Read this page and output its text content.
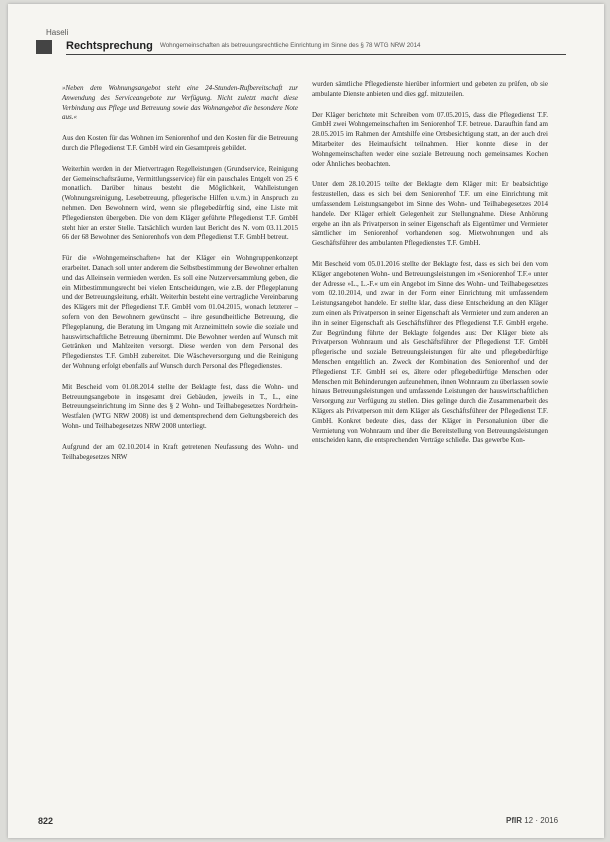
Haseli
Rechtsprechung Wohngemeinschaften als betreuungsrechtliche Einrichtung im Sinne des § 78 WTG NRW 2014

»Neben dem Wohnungsangebot steht eine 24-Stunden-Rufbereitschaft zur Anwendung des Serviceangebote zur Verfügung. Nicht zuletzt macht diese Verbindung aus Pflege und Betreuung sowie das Wohnangebot die besondere Note aus.«

Aus den Kosten für das Wohnen im Seniorenhof und den Kosten für die Betreuung durch die Pflegedienst T.F. GmbH wird ein Gesamtpreis gebildet.

Weiterhin werden in der Mietvertragen Regelleistungen (Grundservice, Reinigung der Gemeinschaftsräume, Vermittlungsservice) für ein pauschales Entgelt von 25 € monatlich. Darüber hinaus besteht die Möglichkeit, Wahlleistungen (Wohnungsreinigung, Lesebetreuung, pflegerische Hilfen u.v.m.) in Anspruch zu nehmen. Den Bewohnern wird, wenn sie pflegebedürftig sind, eine Liste mit Pflegediensten übergeben. Die von dem Kläger geführte Pflegedienst T.F. GmbH steht hier an erster Stelle. Tatsächlich wurden laut Bericht des N. vom 03.11.2015 66 der 68 Bewohner des Seniorenhofs von dem Pflegedienst T.F. GmbH betreut.

Für die »Wohngemeinschaften« hat der Kläger ein Wohngruppenkonzept erarbeitet. Danach soll unter anderem die Selbstbestimmung der Bewohner erhalten und das Alleinsein vermieden werden. Es soll eine Nutzerversammlung geben, die ein Mitbestimmungsrecht bei vielen Entscheidungen, wie z.B. der Pflegeplanung und der Betreuungsleitung, erhält. Weiterhin besteht eine vertragliche Vereinbarung des Klägers mit der Pflegedienst T.F. GmbH vom 01.04.2015, wonach letzterer – sofern von den Bewohnern gewünscht – ihre gesundheitliche Betreuung, die Pflegeplanung, die Beratung im Umgang mit Arzneimitteln sowie die soziale und hauswirtschaftliche Betreuung übernimmt. Die Bewohner werden auf Wunsch mit Getränken und Mahlzeiten versorgt. Diese werden von dem Personal des Pflegedienstes T.F. GmbH zubereitet. Die Wäscheversorgung und die Reinigung der Wohnung erfolgt ebenfalls auf Wunsch durch Personal des Pflegedienstes.

Mit Bescheid vom 01.08.2014 stellte der Beklagte fest, dass die Wohn- und Betreuungsangebote in insgesamt drei Gebäuden, jeweils in T., L., eine Betreuungseinrichtung im Sinne des § 2 Wohn- und Teilhabegesetzes Nordrhein-Westfalen (WTG NRW 2008) ist und dementsprechend dem Geltungsbereich des Wohn- und Teilhabegesetzes NRW 2008 unterliegt.

Aufgrund der am 02.10.2014 in Kraft getretenen Neufassung des Wohn- und Teilhabegesetzes NRW

wurden sämtliche Pflegedienste hierüber informiert und gebeten zu prüfen, ob sie ambulante Dienste anbieten und dies ggf. mitzuteilen.

Der Kläger berichtete mit Schreiben vom 07.05.2015, dass die Pflegedienst T.F. GmbH zwei Wohngemeinschaften im Seniorenhof T.F. betreue. Daraufhin fand am 28.05.2015 im Rahmen der Amtshilfe eine Ortsbesichtigung statt, an der auch drei Mitarbeiter des Heimaufsicht teilnahmen. Hier konnte diese in der Wohngemeinschaften weder eine soziale Betreuung noch gemeinsames Kochen oder Ähnliches beobachten.

Unter dem 28.10.2015 teilte der Beklagte dem Kläger mit: Er beabsichtige festzustellen, dass es sich bei dem Seniorenhof T.F. um eine Einrichtung mit umfassendem Leistungsangebot im Sinne des Wohn- und Teilhabegesetzes 2014 handele. Der Kläger erhielt Gelegenheit zur Stellungnahme. Diese Anhörung ergehe an ihn als Privatperson in seiner Eigenschaft als Eigentümer und Vermieter sämtlicher im Seniorenhof vorhandenen sog. Mietwohnungen und als Geschäftsführer des ambulanten Pflegedienstes T.F. GmbH.

Mit Bescheid vom 05.01.2016 stellte der Beklagte fest, dass es sich bei den vom Kläger angebotenen Wohn- und Betreuungsleistungen im »Seniorenhof T.F.« unter der Adresse »L., L.-F.« um ein Angebot im Sinne des Wohn- und Teilhabegesetzes vom 02.10.2014, und zwar in der Form einer Einrichtung mit umfassendem Leistungsangebot handele. Er stellte klar, dass diese Entscheidung an den Kläger zum einen als Privatperson in seiner Eigenschaft als Vermieter und zum anderen an ihn in seiner Eigenschaft als Geschäftsführer des Pflegedienst T.F. GmbH ergehe. Zur Begründung führte der Beklagte folgendes aus: Der Kläger biete als Privatperson Wohnraum und als Geschäftsführer der Pflegedienst T.F. GmbH pflegerische und soziale Betreuungsleistungen für alte und pflegebedürftige Menschen entgeltlich an. Zweck der Kombination des Seniorenhof und der Pflegedienst T.F. GmbH sei es, ältere oder pflegebedürftige Menschen oder Menschen mit Behinderungen aufzunehmen, ihnen Wohnraum zu überlassen sowie hinaus Betreuungsleistungen und umfassende Leistungen der hauswirtschaftlichen Versorgung zur Verfügung zu stellen. Dies gelinge durch die Zusammenarbeit des Klägers als Privatperson mit dem Kläger als Geschäftsführer der Pflegedienst T.F. GmbH. Konkret bedeute dies, dass der Kläger in Personalunion über die Vermietung von Wohnraum und über die Bereitstellung von Betreuungsleistungen entscheiden kann, die entsprechenden Verträge schließe. Das gewerbe Kon-

822	PflR 12 · 2016
